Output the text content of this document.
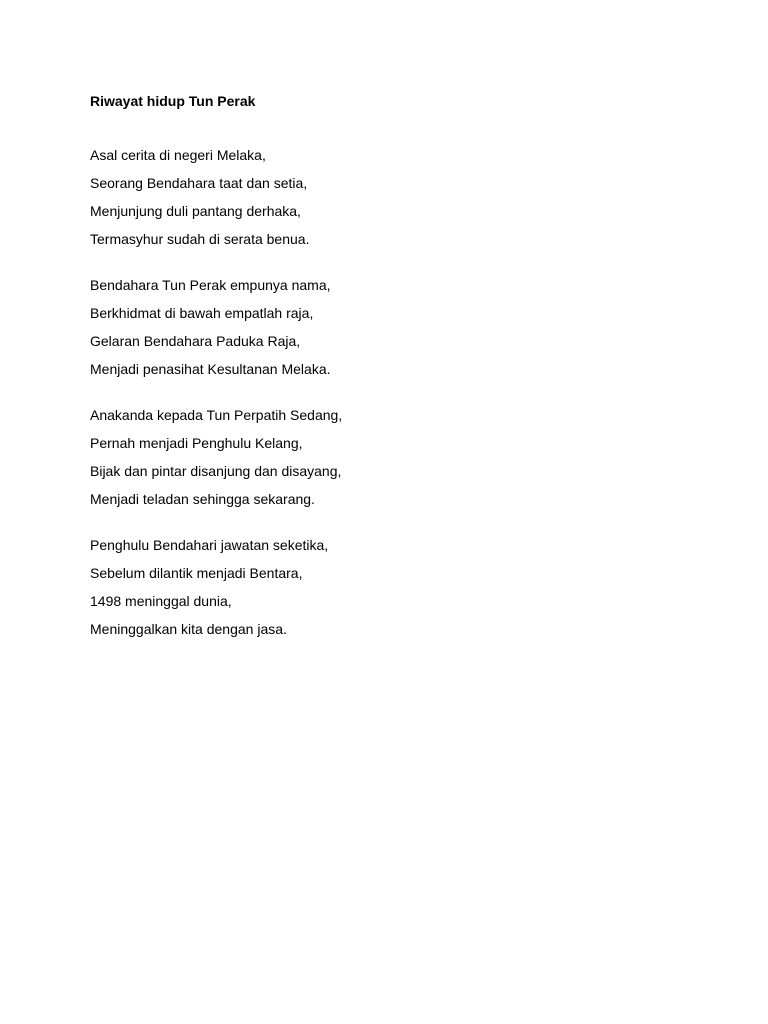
Riwayat hidup Tun Perak
Asal cerita di negeri Melaka,
Seorang Bendahara taat dan setia,
Menjunjung duli pantang derhaka,
Termasyhur sudah di serata benua.
Bendahara Tun Perak empunya nama,
Berkhidmat di bawah empatlah raja,
Gelaran Bendahara Paduka Raja,
Menjadi penasihat Kesultanan Melaka.
Anakanda kepada Tun Perpatih Sedang,
Pernah menjadi Penghulu Kelang,
Bijak dan pintar disanjung dan disayang,
Menjadi teladan sehingga sekarang.
Penghulu Bendahari jawatan seketika,
Sebelum dilantik menjadi Bentara,
1498 meninggal dunia,
Meninggalkan kita dengan jasa.
